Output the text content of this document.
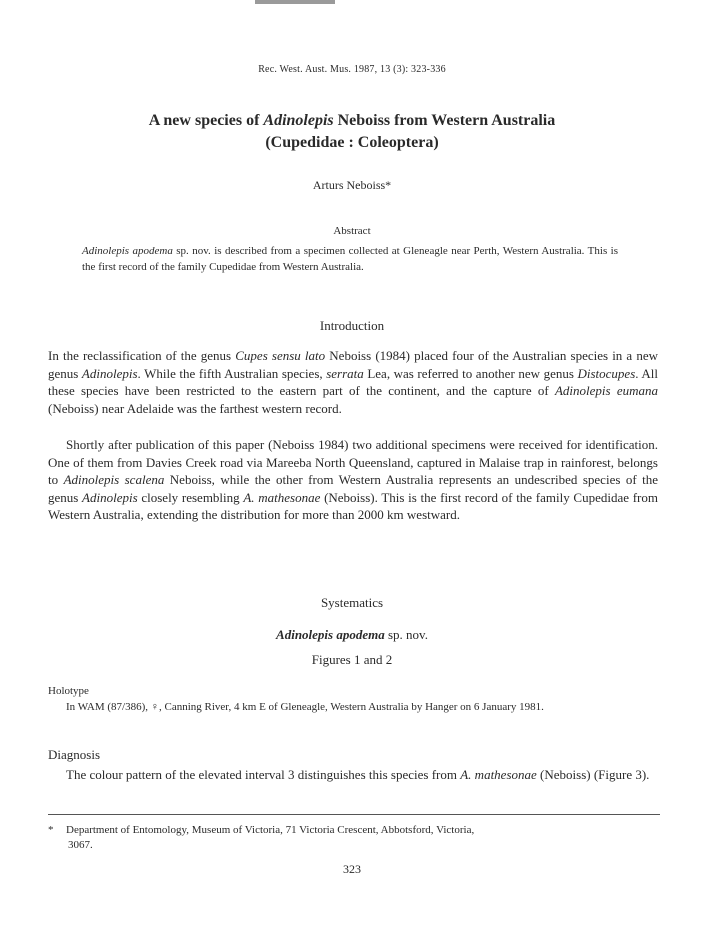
Rec. West. Aust. Mus. 1987, 13 (3): 323-336
A new species of Adinolepis Neboiss from Western Australia
(Cupedidae : Coleoptera)
Arturs Neboiss*
Abstract
Adinolepis apodema sp. nov. is described from a specimen collected at Gleneagle near Perth, Western Australia. This is the first record of the family Cupedidae from Western Australia.
Introduction

In the reclassification of the genus Cupes sensu lato Neboiss (1984) placed four of the Australian species in a new genus Adinolepis. While the fifth Australian species, serrata Lea, was referred to another new genus Distocupes. All these species have been restricted to the eastern part of the continent, and the capture of Adinolepis eumana (Neboiss) near Adelaide was the farthest western record.

Shortly after publication of this paper (Neboiss 1984) two additional specimens were received for identification. One of them from Davies Creek road via Mareeba North Queensland, captured in Malaise trap in rainforest, belongs to Adinolepis scalena Neboiss, while the other from Western Australia represents an undescribed species of the genus Adinolepis closely resembling A. mathesonae (Neboiss). This is the first record of the family Cupedidae from Western Australia, extending the distribution for more than 2000 km westward.

Systematics
Adinolepis apodema sp. nov.
Figures 1 and 2
Holotype
In WAM (87/386), ♀, Canning River, 4 km E of Gleneagle, Western Australia by Hanger on 6 January 1981.
Diagnosis
The colour pattern of the elevated interval 3 distinguishes this species from A. mathesonae (Neboiss) (Figure 3).
* Department of Entomology, Museum of Victoria, 71 Victoria Crescent, Abbotsford, Victoria,
3067.
323
